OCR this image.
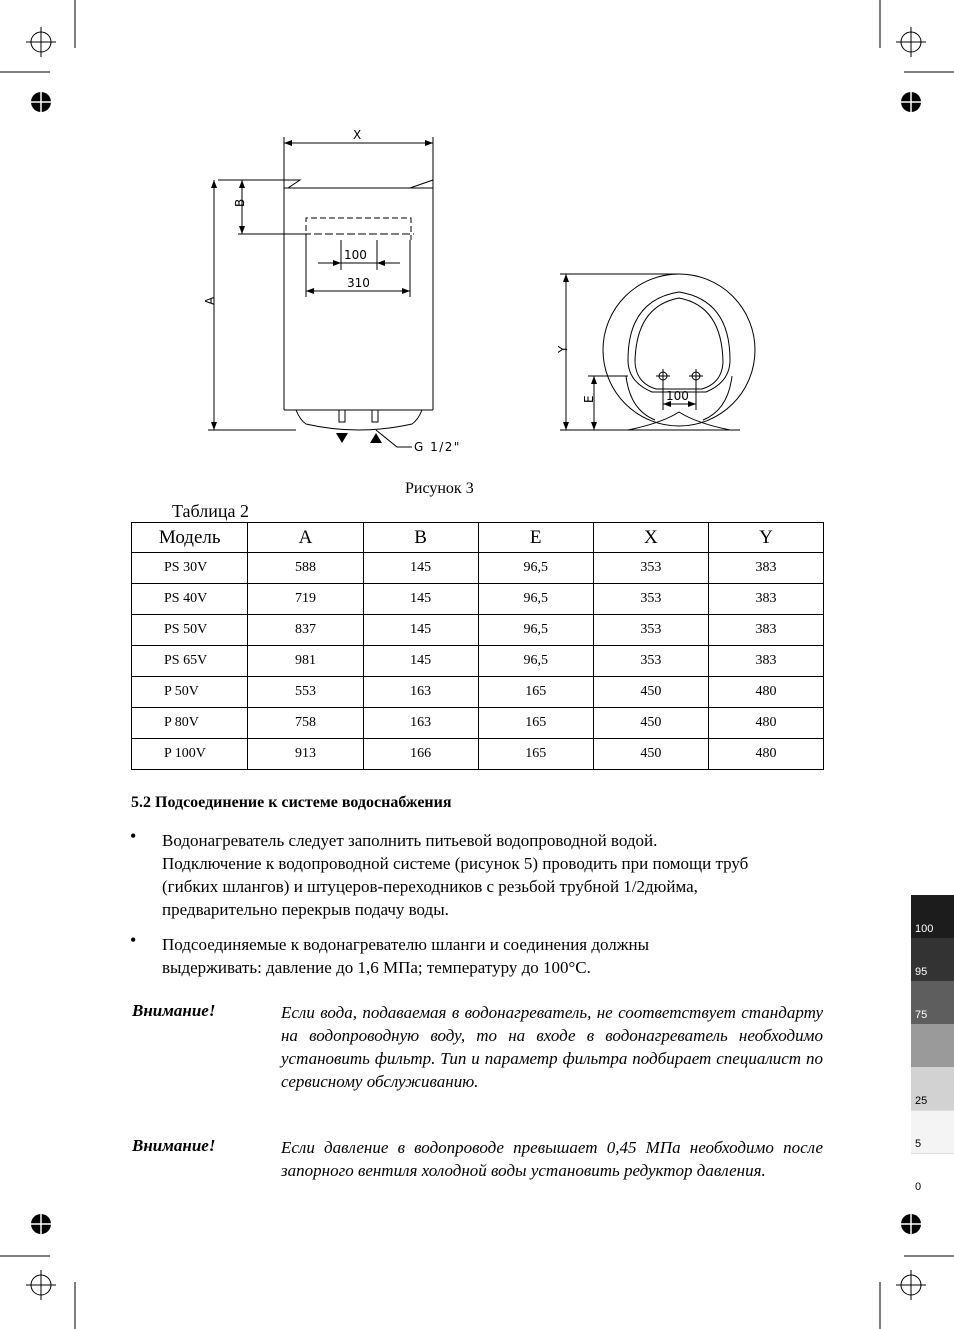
X
B
A
100
310
G 1/2"
Y
E	100
Рисунок 3
Таблица 2
Модель	A	B	E	X	Y
PS 30V	588	145	96,5	353	383
PS 40V	719	145	96,5	353	383
PS 50V	837	145	96,5	353	383
PS 65V	981	145	96,5	353	383
P 50V	553	163	165	450	480
P 80V	758	163	165	450	480
P 100V	913	166	165	450	480
5.2 Подсоединение к системе водоснабжения
• Водонагреватель следует заполнить питьевой водопроводной водой.
Подключение к водопроводной системе (рисунок 5) проводить при помощи труб
(гибких шлангов) и штуцеров-переходников с резьбой трубной 1/2дюйма,
предварительно перекрыв подачу воды.
• Подсоединяемые к водонагревателю шланги и соединения должны
выдерживать: давление до 1,6 МПа; температуру до 100°С.
Внимание!	Если вода, подаваемая в водонагреватель, не соответствует стандарту на водопроводную воду, то на входе в водонагреватель необходимо установить фильтр. Тип и параметр фильтра подбирает специалист по сервисному обслуживанию.
Внимание!	Если давление в водопроводе превышает 0,45 МПа необходимо после запорного вентиля холодной воды установить редуктор давления.
100
95
75
25
5
0
